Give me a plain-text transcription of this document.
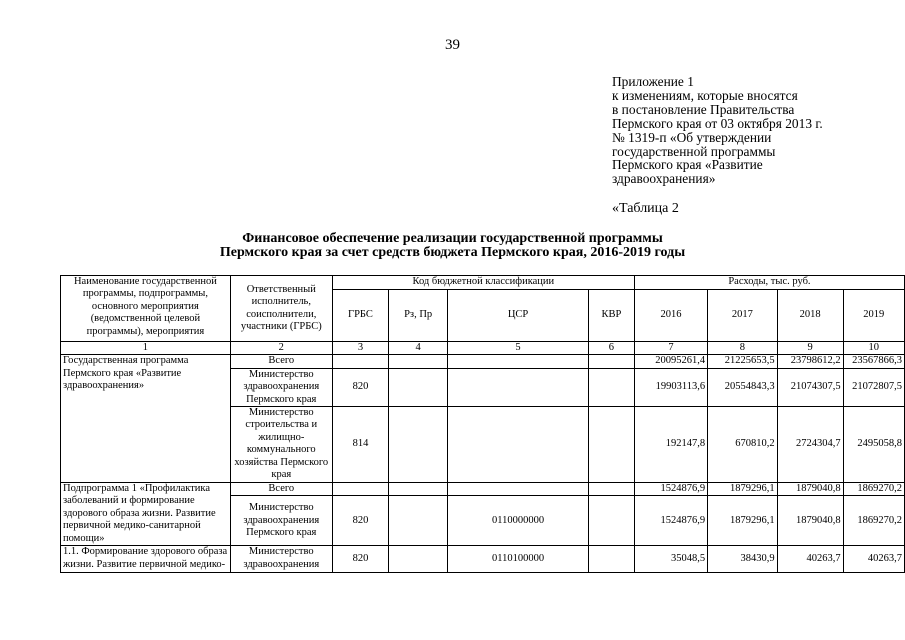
39
Приложение 1
к изменениям, которые вносятся
в постановление Правительства
Пермского края от 03 октября 2013 г.
№ 1319-п «Об утверждении
государственной программы
Пермского края «Развитие
здравоохранения»
«Таблица 2
Финансовое обеспечение реализации государственной программы
Пермского края за счет средств бюджета Пермского края, 2016-2019 годы
Наименование государственной программы, подпрограммы, основного мероприятия (ведомственной целевой программы), мероприятия	Ответственный исполнитель, соисполнители, участники (ГРБС)	Код бюджетной классификации				Расходы, тыс. руб.			
		ГРБС	Рз, Пр	ЦСР	КВР	2016	2017	2018	2019
1	2	3	4	5	6	7	8	9	10
Государственная программа Пермского края «Развитие здравоохранения»	Всего					20095261,4	21225653,5	23798612,2	23567866,3
	Министерство здравоохранения Пермского края	820				19903113,6	20554843,3	21074307,5	21072807,5
	Министерство строительства и жилищно-коммунального хозяйства Пермского края	814				192147,8	670810,2	2724304,7	2495058,8
Подпрограмма 1 «Профилактика заболеваний и формирование здорового образа жизни. Развитие первичной медико-санитарной помощи»	Всего					1524876,9	1879296,1	1879040,8	1869270,2
	Министерство здравоохранения Пермского края	820		0110000000		1524876,9	1879296,1	1879040,8	1869270,2

1.1. Формирование здорового образа жизни. Развитие первичной медико-	Министерство здравоохранения	820		0110100000		35048,5	38430,9	40263,7	40263,7
